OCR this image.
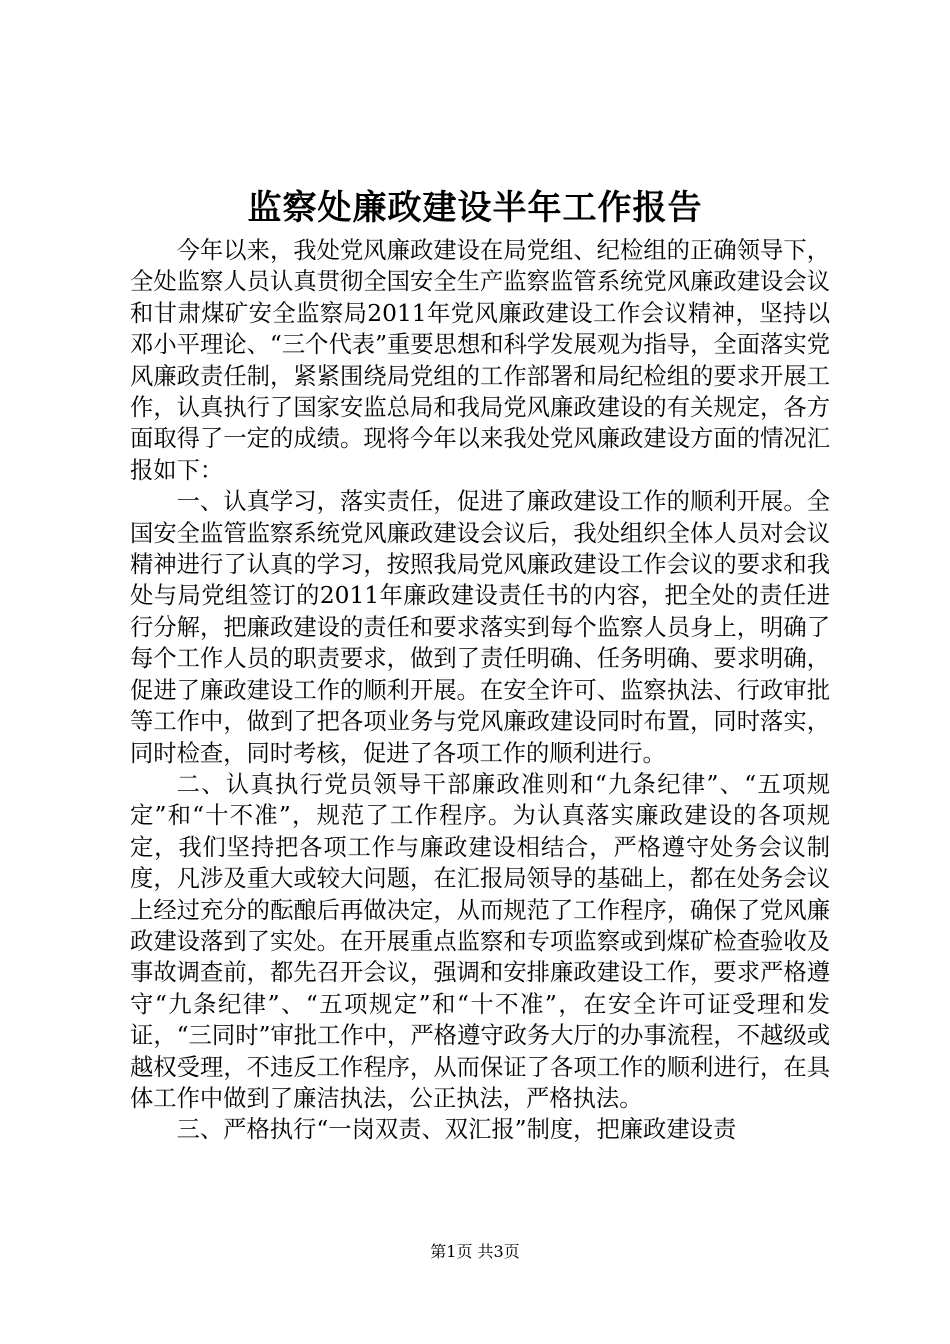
监察处廉政建设半年工作报告

今年以来，我处党风廉政建设在局党组、纪检组的正确领导下，全处监察人员认真贯彻全国安全生产监察监管系统党风廉政建设会议和甘肃煤矿安全监察局2011年党风廉政建设工作会议精神，坚持以邓小平理论、“三个代表”重要思想和科学发展观为指导，全面落实党风廉政责任制，紧紧围绕局党组的工作部署和局纪检组的要求开展工作，认真执行了国家安监总局和我局党风廉政建设的有关规定，各方面取得了一定的成绩。现将今年以来我处党风廉政建设方面的情况汇报如下：

一、认真学习，落实责任，促进了廉政建设工作的顺利开展。全国安全监管监察系统党风廉政建设会议后，我处组织全体人员对会议精神进行了认真的学习，按照我局党风廉政建设工作会议的要求和我处与局党组签订的2011年廉政建设责任书的内容，把全处的责任进行分解，把廉政建设的责任和要求落实到每个监察人员身上，明确了每个工作人员的职责要求，做到了责任明确、任务明确、要求明确，促进了廉政建设工作的顺利开展。在安全许可、监察执法、行政审批等工作中，做到了把各项业务与党风廉政建设同时布置，同时落实，同时检查，同时考核，促进了各项工作的顺利进行。

二、认真执行党员领导干部廉政准则和“九条纪律”、“五项规定”和“十不准”，规范了工作程序。为认真落实廉政建设的各项规定，我们坚持把各项工作与廉政建设相结合，严格遵守处务会议制度，凡涉及重大或较大问题，在汇报局领导的基础上，都在处务会议上经过充分的酝酿后再做决定，从而规范了工作程序，确保了党风廉政建设落到了实处。在开展重点监察和专项监察或到煤矿检查验收及事故调查前，都先召开会议，强调和安排廉政建设工作，要求严格遵守“九条纪律”、“五项规定”和“十不准”，在安全许可证受理和发证，“三同时”审批工作中，严格遵守政务大厅的办事流程，不越级或越权受理，不违反工作程序，从而保证了各项工作的顺利进行，在具体工作中做到了廉洁执法，公正执法，严格执法。

三、严格执行“一岗双责、双汇报”制度，把廉政建设责

第1页 共3页
